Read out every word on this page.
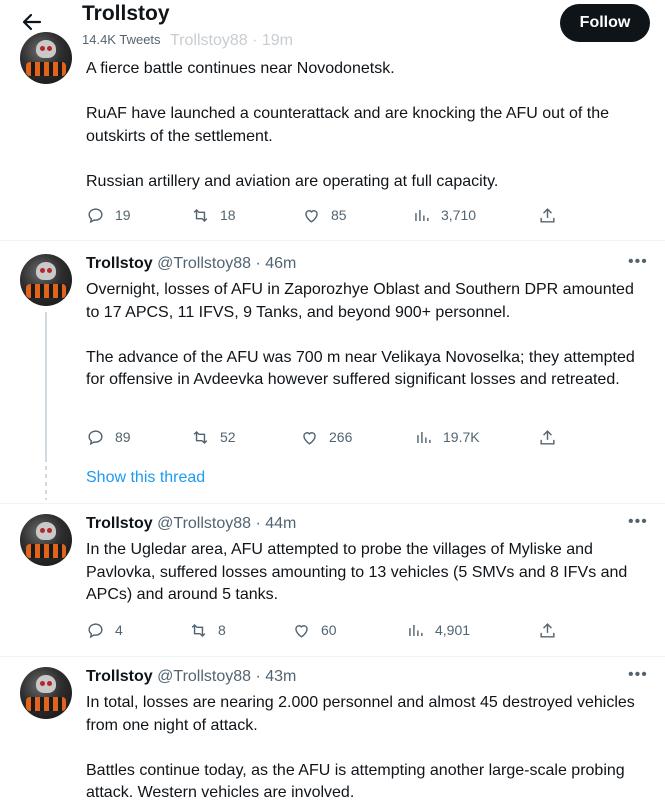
Trollstoy88 · 19m
Trollstoy
14.4K Tweets
Follow

A fierce battle continues near Novodonetsk.

RuAF have launched a counterattack and are knocking the AFU out of the outskirts of the settlement.

Russian artillery and aviation are operating at full capacity.

19	18	85	3,710
Trollstoy @Trollstoy88 · 46m	•••

Overnight, losses of AFU in Zaporozhye Oblast and Southern DPR amounted to 17 APCS, 11 IFVS, 9 Tanks, and beyond 900+ personnel.

The advance of the AFU was 700 m near Velikaya Novoselka; they attempted for offensive in Avdeevka however suffered significant losses and retreated.

89	52	266	19.7K
Show this thread
Trollstoy @Trollstoy88 · 44m	•••

In the Ugledar area, AFU attempted to probe the villages of Myliske and Pavlovka, suffered losses amounting to 13 vehicles (5 SMVs and 8 IFVs and APCs) and around 5 tanks.

4	8	60	4,901
Trollstoy @Trollstoy88 · 43m	•••

In total, losses are nearing 2.000 personnel and almost 45 destroyed vehicles from one night of attack.

Battles continue today, as the AFU is attempting another large-scale probing attack. Western vehicles are involved.
